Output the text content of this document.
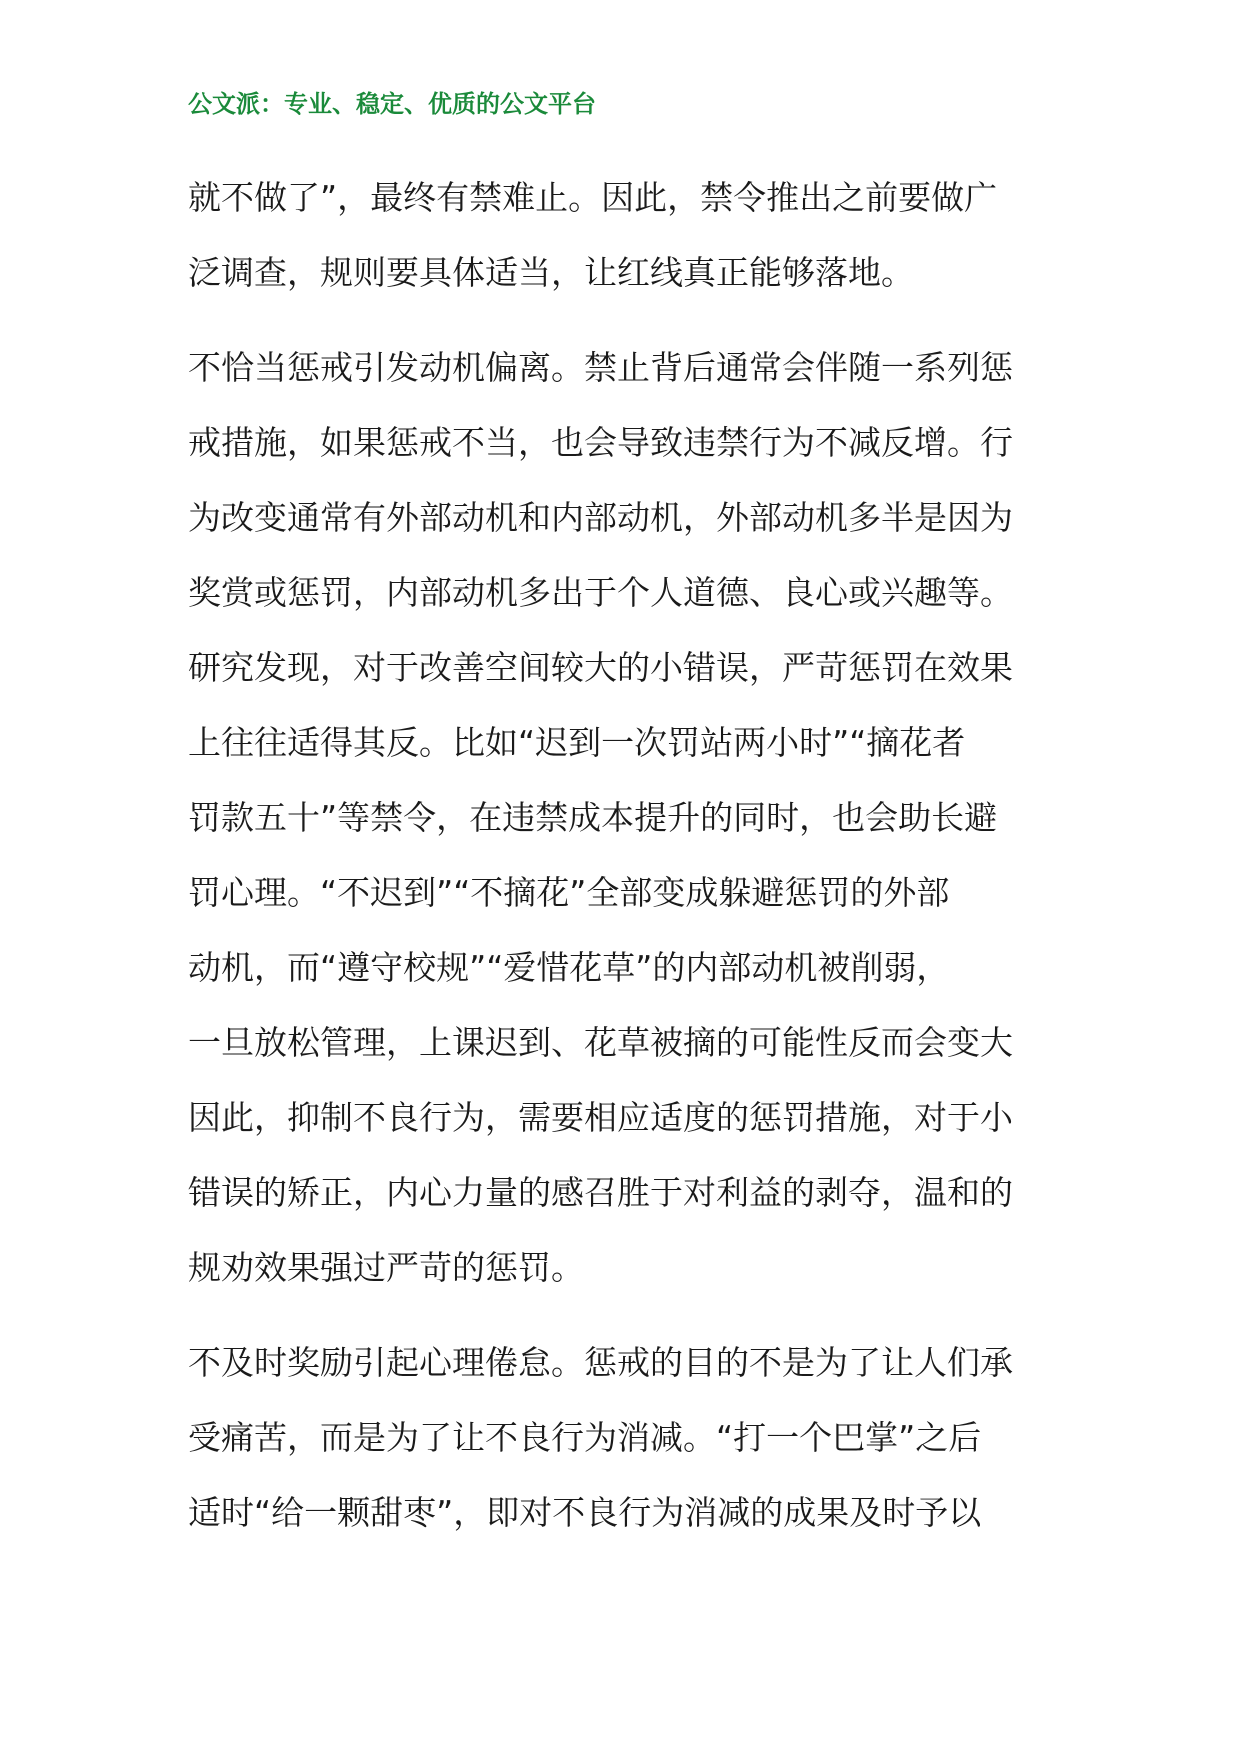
公文派：专业、稳定、优质的公文平台
就不做了”，最终有禁难止。因此，禁令推出之前要做广
泛调查，规则要具体适当，让红线真正能够落地。
不恰当惩戒引发动机偏离。禁止背后通常会伴随一系列惩
戒措施，如果惩戒不当，也会导致违禁行为不减反增。行
为改变通常有外部动机和内部动机，外部动机多半是因为
奖赏或惩罚，内部动机多出于个人道德、良心或兴趣等。
研究发现，对于改善空间较大的小错误，严苛惩罚在效果
上往往适得其反。比如“迟到一次罚站两小时”“摘花者
罚款五十”等禁令，在违禁成本提升的同时，也会助长避
罚心理。“不迟到”“不摘花”全部变成躲避惩罚的外部
动机，而“遵守校规”“爱惜花草”的内部动机被削弱，
一旦放松管理，上课迟到、花草被摘的可能性反而会变大
因此，抑制不良行为，需要相应适度的惩罚措施，对于小
错误的矫正，内心力量的感召胜于对利益的剥夺，温和的
规劝效果强过严苛的惩罚。
不及时奖励引起心理倦怠。惩戒的目的不是为了让人们承
受痛苦，而是为了让不良行为消减。“打一个巴掌”之后
适时“给一颗甜枣”，即对不良行为消减的成果及时予以
